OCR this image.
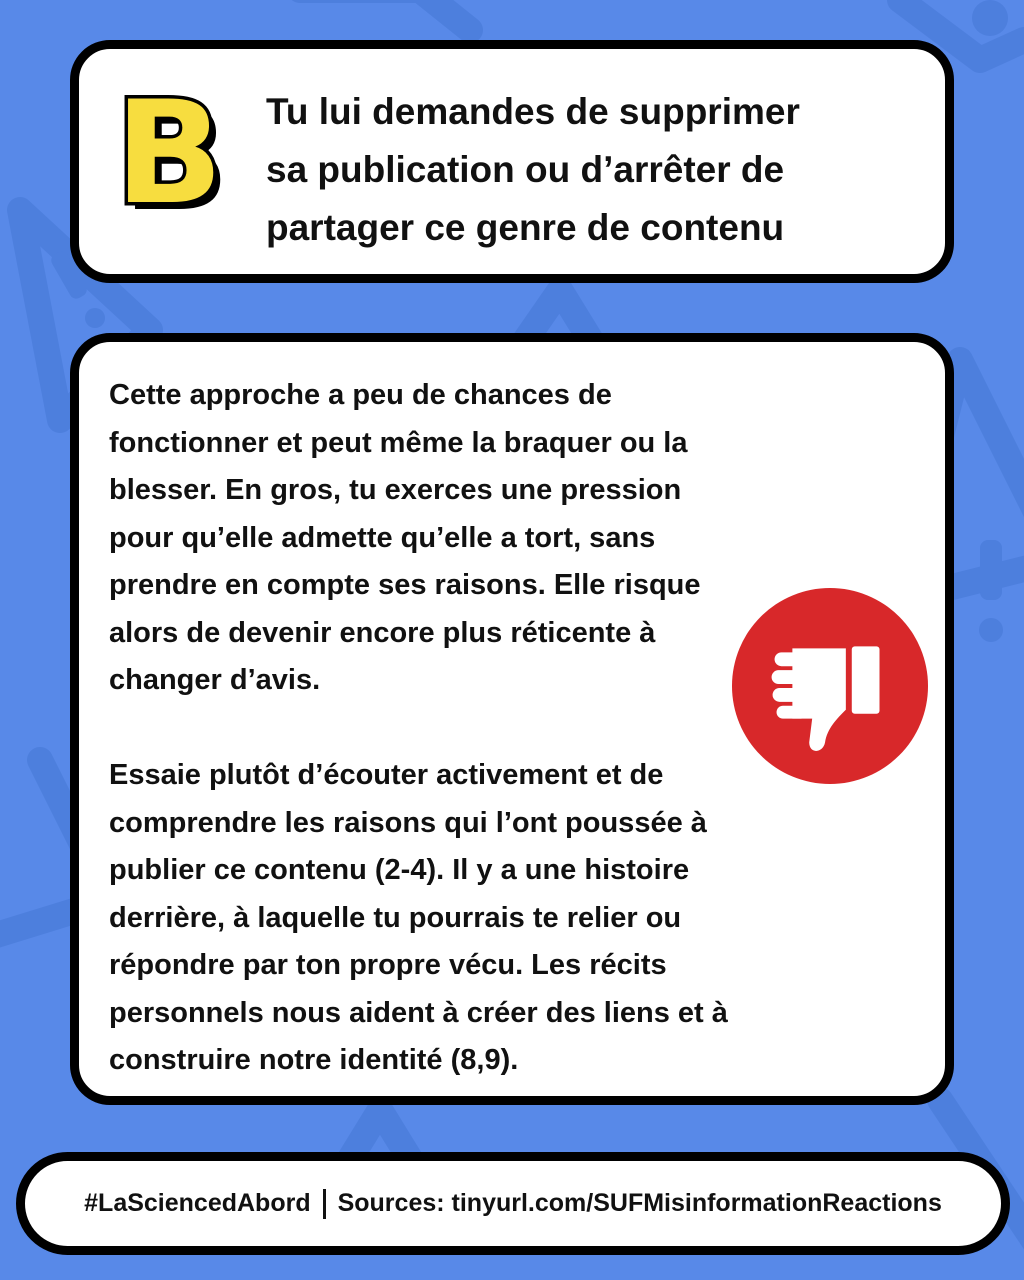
B Tu lui demandes de supprimer
sa publication ou d’arrêter de
partager ce genre de contenu
Cette approche a peu de chances de
fonctionner et peut même la braquer ou la
blesser. En gros, tu exerces une pression
pour qu’elle admette qu’elle a tort, sans
prendre en compte ses raisons. Elle risque
alors de devenir encore plus réticente à
changer d’avis.

Essaie plutôt d’écouter activement et de
comprendre les raisons qui l’ont poussée à
publier ce contenu (2-4). Il y a une histoire
derrière, à laquelle tu pourrais te relier ou
répondre par ton propre vécu. Les récits
personnels nous aident à créer des liens et à
construire notre identité (8,9).
#LaSciencedAbord Sources: tinyurl.com/SUFMisinformationReactions
